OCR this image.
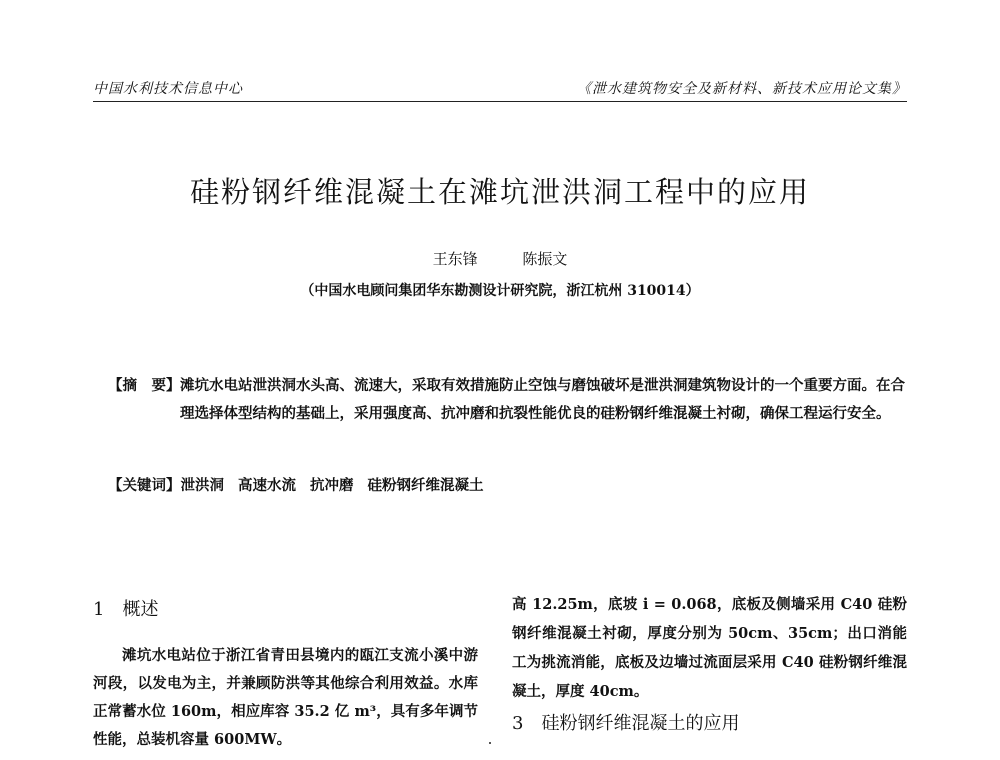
中国水利技术信息中心	《泄水建筑物安全及新材料、新技术应用论文集》
硅粉钢纤维混凝土在滩坑泄洪洞工程中的应用
王东锋	陈振文
（中国水电顾问集团华东勘测设计研究院，浙江杭州 310014）
【摘　要】 滩坑水电站泄洪洞水头高、流速大，采取有效措施防止空蚀与磨蚀破坏是泄洪洞建筑物设计的一个重要方面。在合理选择体型结构的基础上，采用强度高、抗冲磨和抗裂性能优良的硅粉钢纤维混凝土衬砌，确保工程运行安全。
【关键词】泄洪洞 高速水流 抗冲磨 硅粉钢纤维混凝土
1　概述

滩坑水电站位于浙江省青田县境内的瓯江支流小溪中游河段，以发电为主，并兼顾防洪等其他综合利用效益。水库正常蓄水位 160m，相应库容 35.2 亿 m³，具有多年调节性能，总装机容量 600MW。

高 12.25m，底坡 i = 0.068，底板及侧墙采用 C40 硅粉钢纤维混凝土衬砌，厚度分别为 50cm、35cm；出口消能工为挑流消能，底板及边墙过流面层采用 C40 硅粉钢纤维混凝土，厚度 40cm。

3　硅粉钢纤维混凝土的应用
